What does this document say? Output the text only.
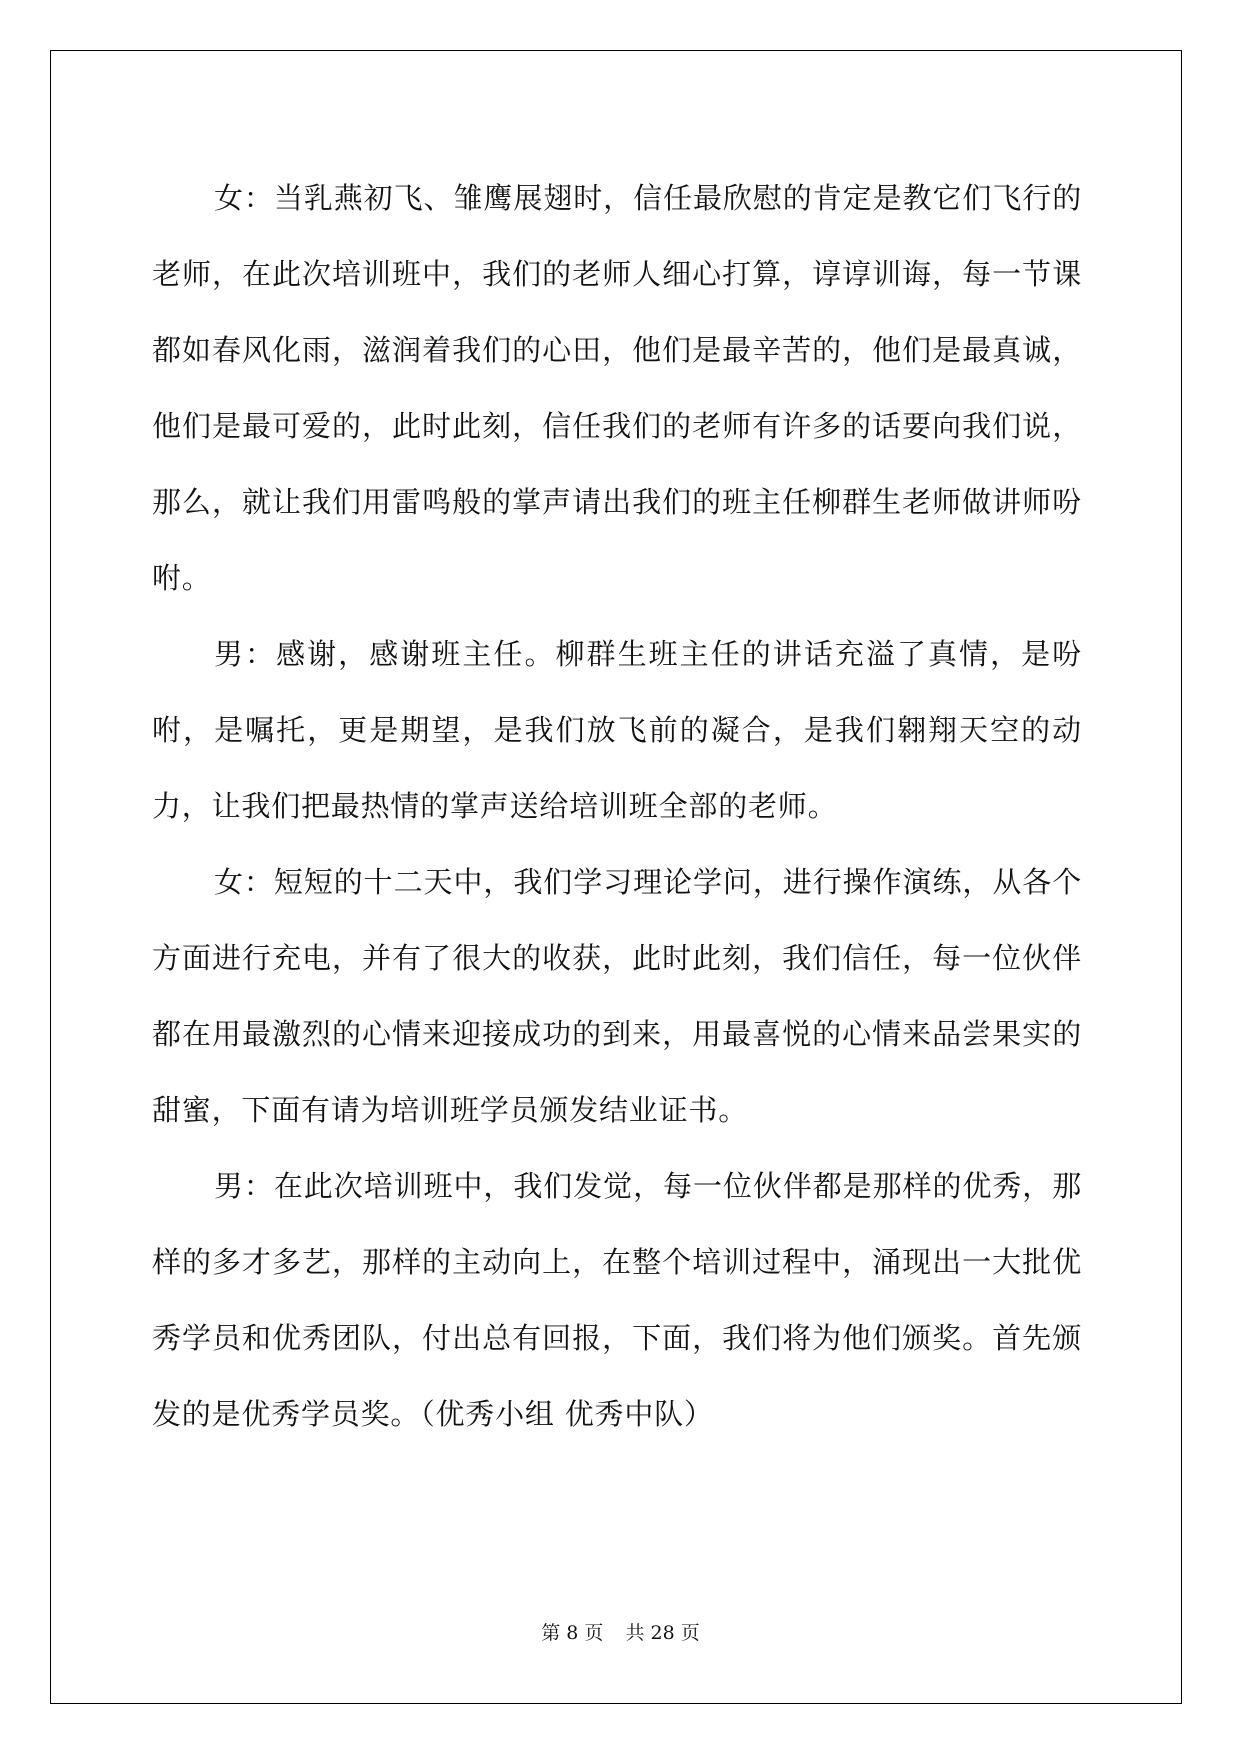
女：当乳燕初飞、雏鹰展翅时，信任最欣慰的肯定是教它们飞行的老师，在此次培训班中，我们的老师人细心打算，谆谆训诲，每一节课都如春风化雨，滋润着我们的心田，他们是最辛苦的，他们是最真诚，他们是最可爱的，此时此刻，信任我们的老师有许多的话要向我们说，那么，就让我们用雷鸣般的掌声请出我们的班主任柳群生老师做讲师吩咐。

男：感谢，感谢班主任。柳群生班主任的讲话充溢了真情，是吩咐，是嘱托，更是期望，是我们放飞前的凝合，是我们翱翔天空的动力，让我们把最热情的掌声送给培训班全部的老师。

女：短短的十二天中，我们学习理论学问，进行操作演练，从各个方面进行充电，并有了很大的收获，此时此刻，我们信任，每一位伙伴都在用最激烈的心情来迎接成功的到来，用最喜悦的心情来品尝果实的甜蜜，下面有请为培训班学员颁发结业证书。

男：在此次培训班中，我们发觉，每一位伙伴都是那样的优秀，那样的多才多艺，那样的主动向上，在整个培训过程中，涌现出一大批优秀学员和优秀团队，付出总有回报，下面，我们将为他们颁奖。首先颁发的是优秀学员奖。（优秀小组 优秀中队）

第 8 页 共 28 页
